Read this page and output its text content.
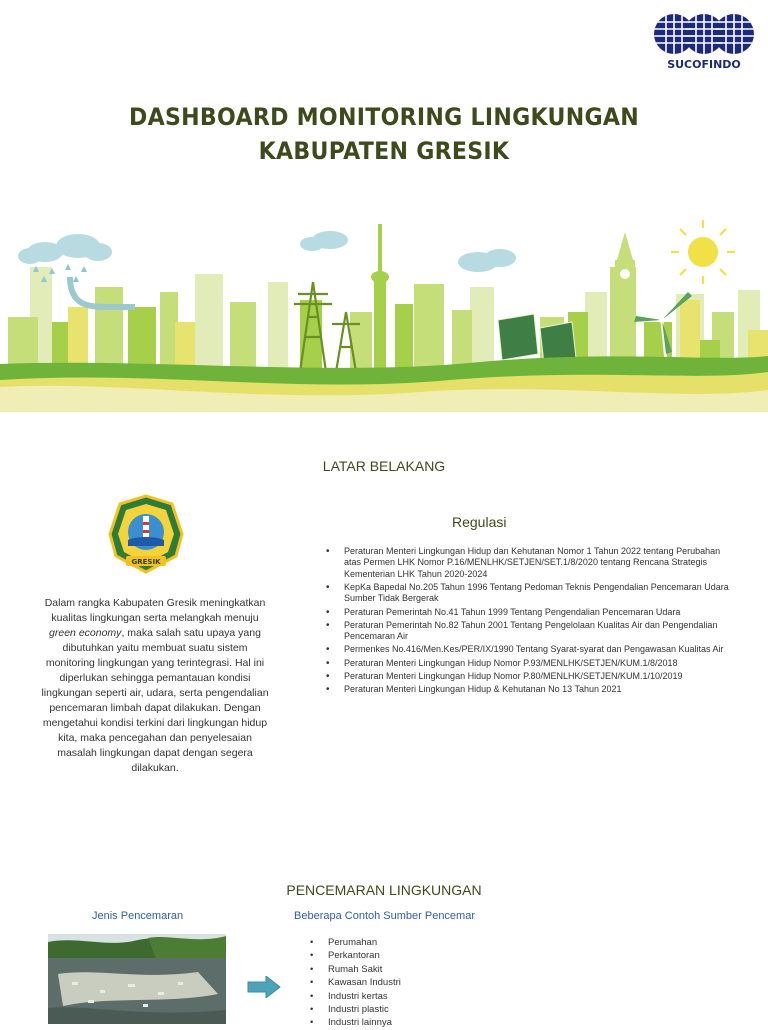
SUCOFINDO
DASHBOARD MONITORING LINGKUNGAN
KABUPATEN GRESIK
LATAR BELAKANG
GRESIK
Dalam rangka Kabupaten Gresik meningkatkan kualitas lingkungan serta melangkah menuju green economy, maka salah satu upaya yang dibutuhkan yaitu membuat suatu sistem monitoring lingkungan yang terintegrasi. Hal ini diperlukan sehingga pemantauan kondisi lingkungan seperti air, udara, serta pengendalian pencemaran limbah dapat dilakukan. Dengan mengetahui kondisi terkini dari lingkungan hidup kita, maka pencegahan dan penyelesaian masalah lingkungan dapat dengan segera dilakukan.
Regulasi
• Peraturan Menteri Lingkungan Hidup dan Kehutanan Nomor 1 Tahun 2022 tentang Perubahan atas Permen LHK Nomor P.16/MENLHK/SETJEN/SET.1/8/2020 tentang Rencana Strategis Kementerian LHK Tahun 2020-2024
• KepKa Bapedal No.205 Tahun 1996 Tentang Pedoman Teknis Pengendalian Pencemaran Udara Sumber Tidak Bergerak
• Peraturan Pemerintah No.41 Tahun 1999 Tentang Pengendalian Pencemaran Udara
• Peraturan Pemerintah No.82 Tahun 2001 Tentang Pengelolaan Kualitas Air dan Pengendalian Pencemaran Air
• Permenkes No.416/Men.Kes/PER/IX/1990 Tentang Syarat-syarat dan Pengawasan Kualitas Air
• Peraturan Menteri Lingkungan Hidup Nomor P.93/MENLHK/SETJEN/KUM.1/8/2018
• Peraturan Menteri Lingkungan Hidup Nomor P.80/MENLHK/SETJEN/KUM.1/10/2019
• Peraturan Menteri Lingkungan Hidup & Kehutanan No 13 Tahun 2021
PENCEMARAN LINGKUNGAN
Jenis Pencemaran	Beberapa Contoh Sumber Pencemar
• Perumahan
• Perkantoran
• Rumah Sakit
• Kawasan Industri
• Industri kertas
• Industri plastic
• Industri lainnya
